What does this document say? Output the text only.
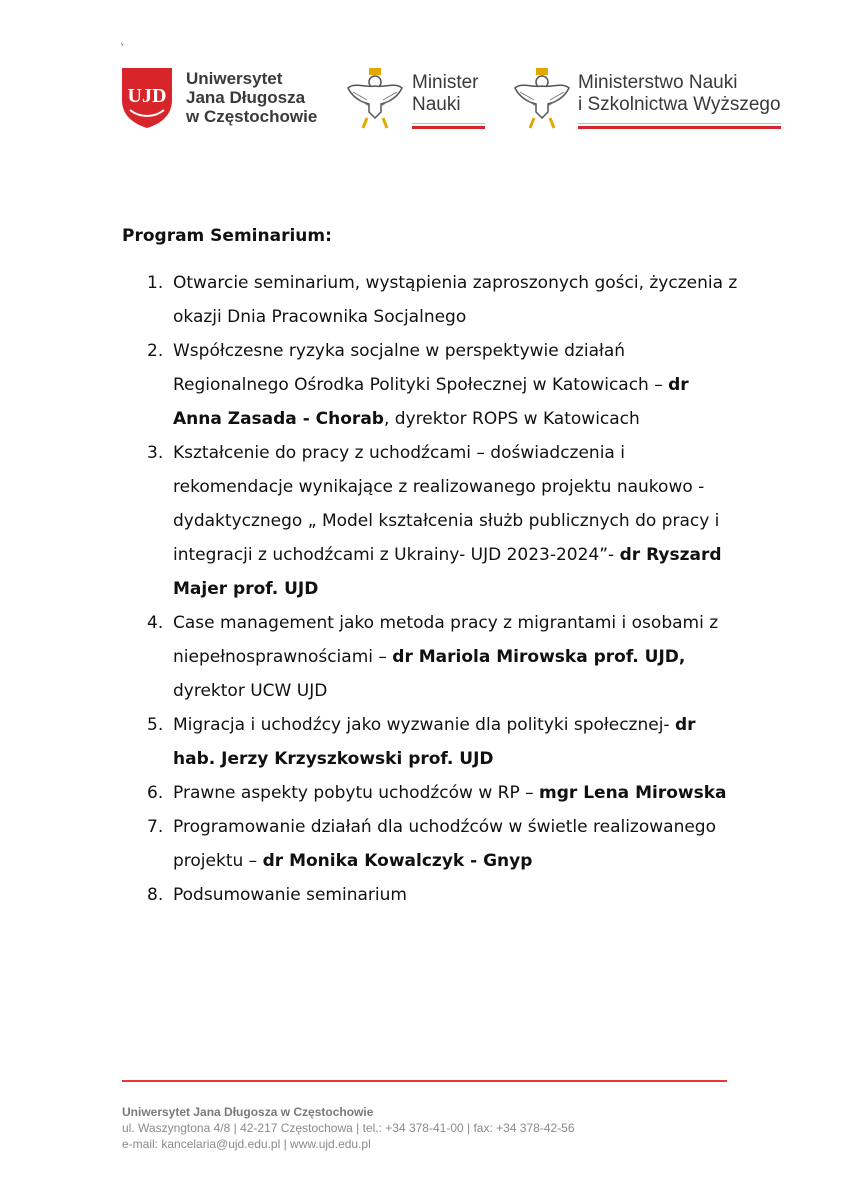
`
UJD
Uniwersytet
Jana Długosza
w Częstochowie
Minister
Nauki
Ministerstwo Nauki
i Szkolnictwa Wyższego
Program Seminarium:
1. Otwarcie seminarium, wystąpienia zaproszonych gości, życzenia z okazji Dnia Pracownika Socjalnego
2. Współczesne ryzyka socjalne w perspektywie działań Regionalnego Ośrodka Polityki Społecznej w Katowicach – dr Anna Zasada - Chorab, dyrektor ROPS w Katowicach
3. Kształcenie do pracy z uchodźcami – doświadczenia i rekomendacje wynikające z realizowanego projektu naukowo - dydaktycznego „ Model kształcenia służb publicznych do pracy i integracji z uchodźcami z Ukrainy- UJD 2023-2024”- dr Ryszard Majer prof. UJD
4. Case management jako metoda pracy z migrantami i osobami z niepełnosprawnościami – dr Mariola Mirowska prof. UJD, dyrektor UCW UJD
5. Migracja i uchodźcy jako wyzwanie dla polityki społecznej- dr hab. Jerzy Krzyszkowski prof. UJD
6. Prawne aspekty pobytu uchodźców w RP – mgr Lena Mirowska
7. Programowanie działań dla uchodźców w świetle realizowanego projektu – dr Monika Kowalczyk - Gnyp
8. Podsumowanie seminarium
Uniwersytet Jana Długosza w Częstochowie
ul. Waszyngtona 4/8 | 42-217 Częstochowa | tel.: +34 378-41-00 | fax: +34 378-42-56
e-mail: kancelaria@ujd.edu.pl | www.ujd.edu.pl
